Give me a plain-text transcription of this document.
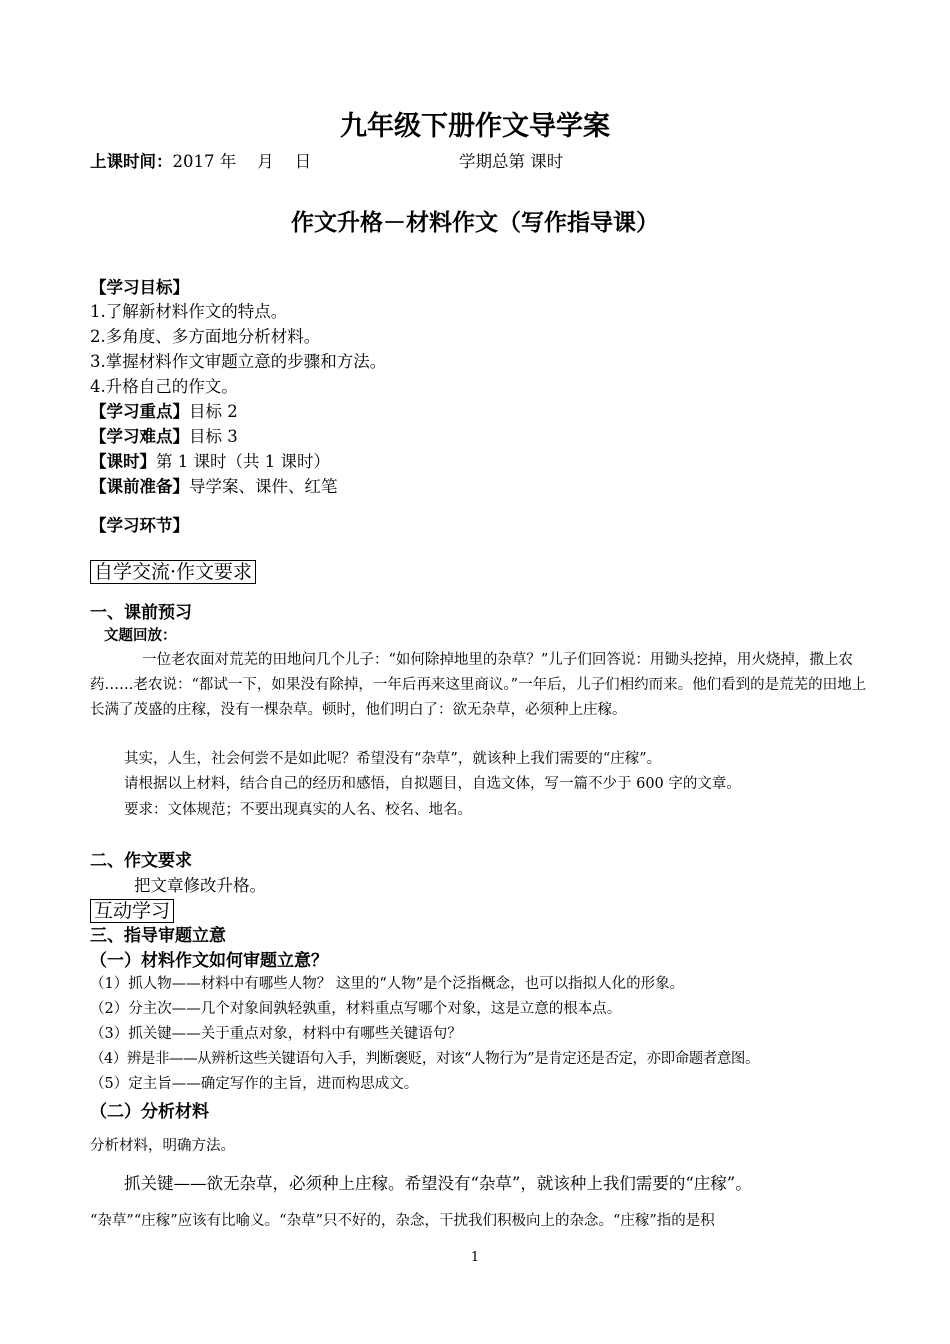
九年级下册作文导学案
上课时间：2017 年    月    日	学期总第 课时
作文升格－材料作文（写作指导课）
【学习目标】
1.了解新材料作文的特点。
2.多角度、多方面地分析材料。
3.掌握材料作文审题立意的步骤和方法。
4.升格自己的作文。
【学习重点】目标 2
【学习难点】目标 3
【课时】第 1 课时（共 1 课时）
【课前准备】导学案、课件、红笔
【学习环节】
自学交流·作文要求
一、课前预习
文题回放：
一位老农面对荒芜的田地问几个儿子：“如何除掉地里的杂草？”儿子们回答说：用锄头挖掉，用火烧掉，撒上农药……老农说：“都试一下，如果没有除掉，一年后再来这里商议。”一年后，儿子们相约而来。他们看到的是荒芜的田地上长满了茂盛的庄稼，没有一棵杂草。顿时，他们明白了：欲无杂草，必须种上庄稼。
其实，人生，社会何尝不是如此呢？希望没有“杂草”，就该种上我们需要的“庄稼”。
请根据以上材料，结合自己的经历和感悟，自拟题目，自选文体，写一篇不少于 600 字的文章。
要求：文体规范；不要出现真实的人名、校名、地名。
二、作文要求
把文章修改升格。
互动学习
三、指导审题立意
（一）材料作文如何审题立意？
（1）抓人物——材料中有哪些人物？ 这里的“人物”是个泛指概念，也可以指拟人化的形象。
（2）分主次——几个对象间孰轻孰重，材料重点写哪个对象，这是立意的根本点。
（3）抓关键——关于重点对象，材料中有哪些关键语句？
（4）辨是非——从辨析这些关键语句入手，判断褒贬，对该“人物行为”是肯定还是否定，亦即命题者意图。
（5）定主旨——确定写作的主旨，进而构思成文。
（二）分析材料
分析材料，明确方法。
抓关键——欲无杂草，必须种上庄稼。希望没有“杂草”，就该种上我们需要的“庄稼”。
“杂草”“庄稼”应该有比喻义。“杂草”只不好的，杂念，干扰我们积极向上的杂念。“庄稼”指的是积
1
